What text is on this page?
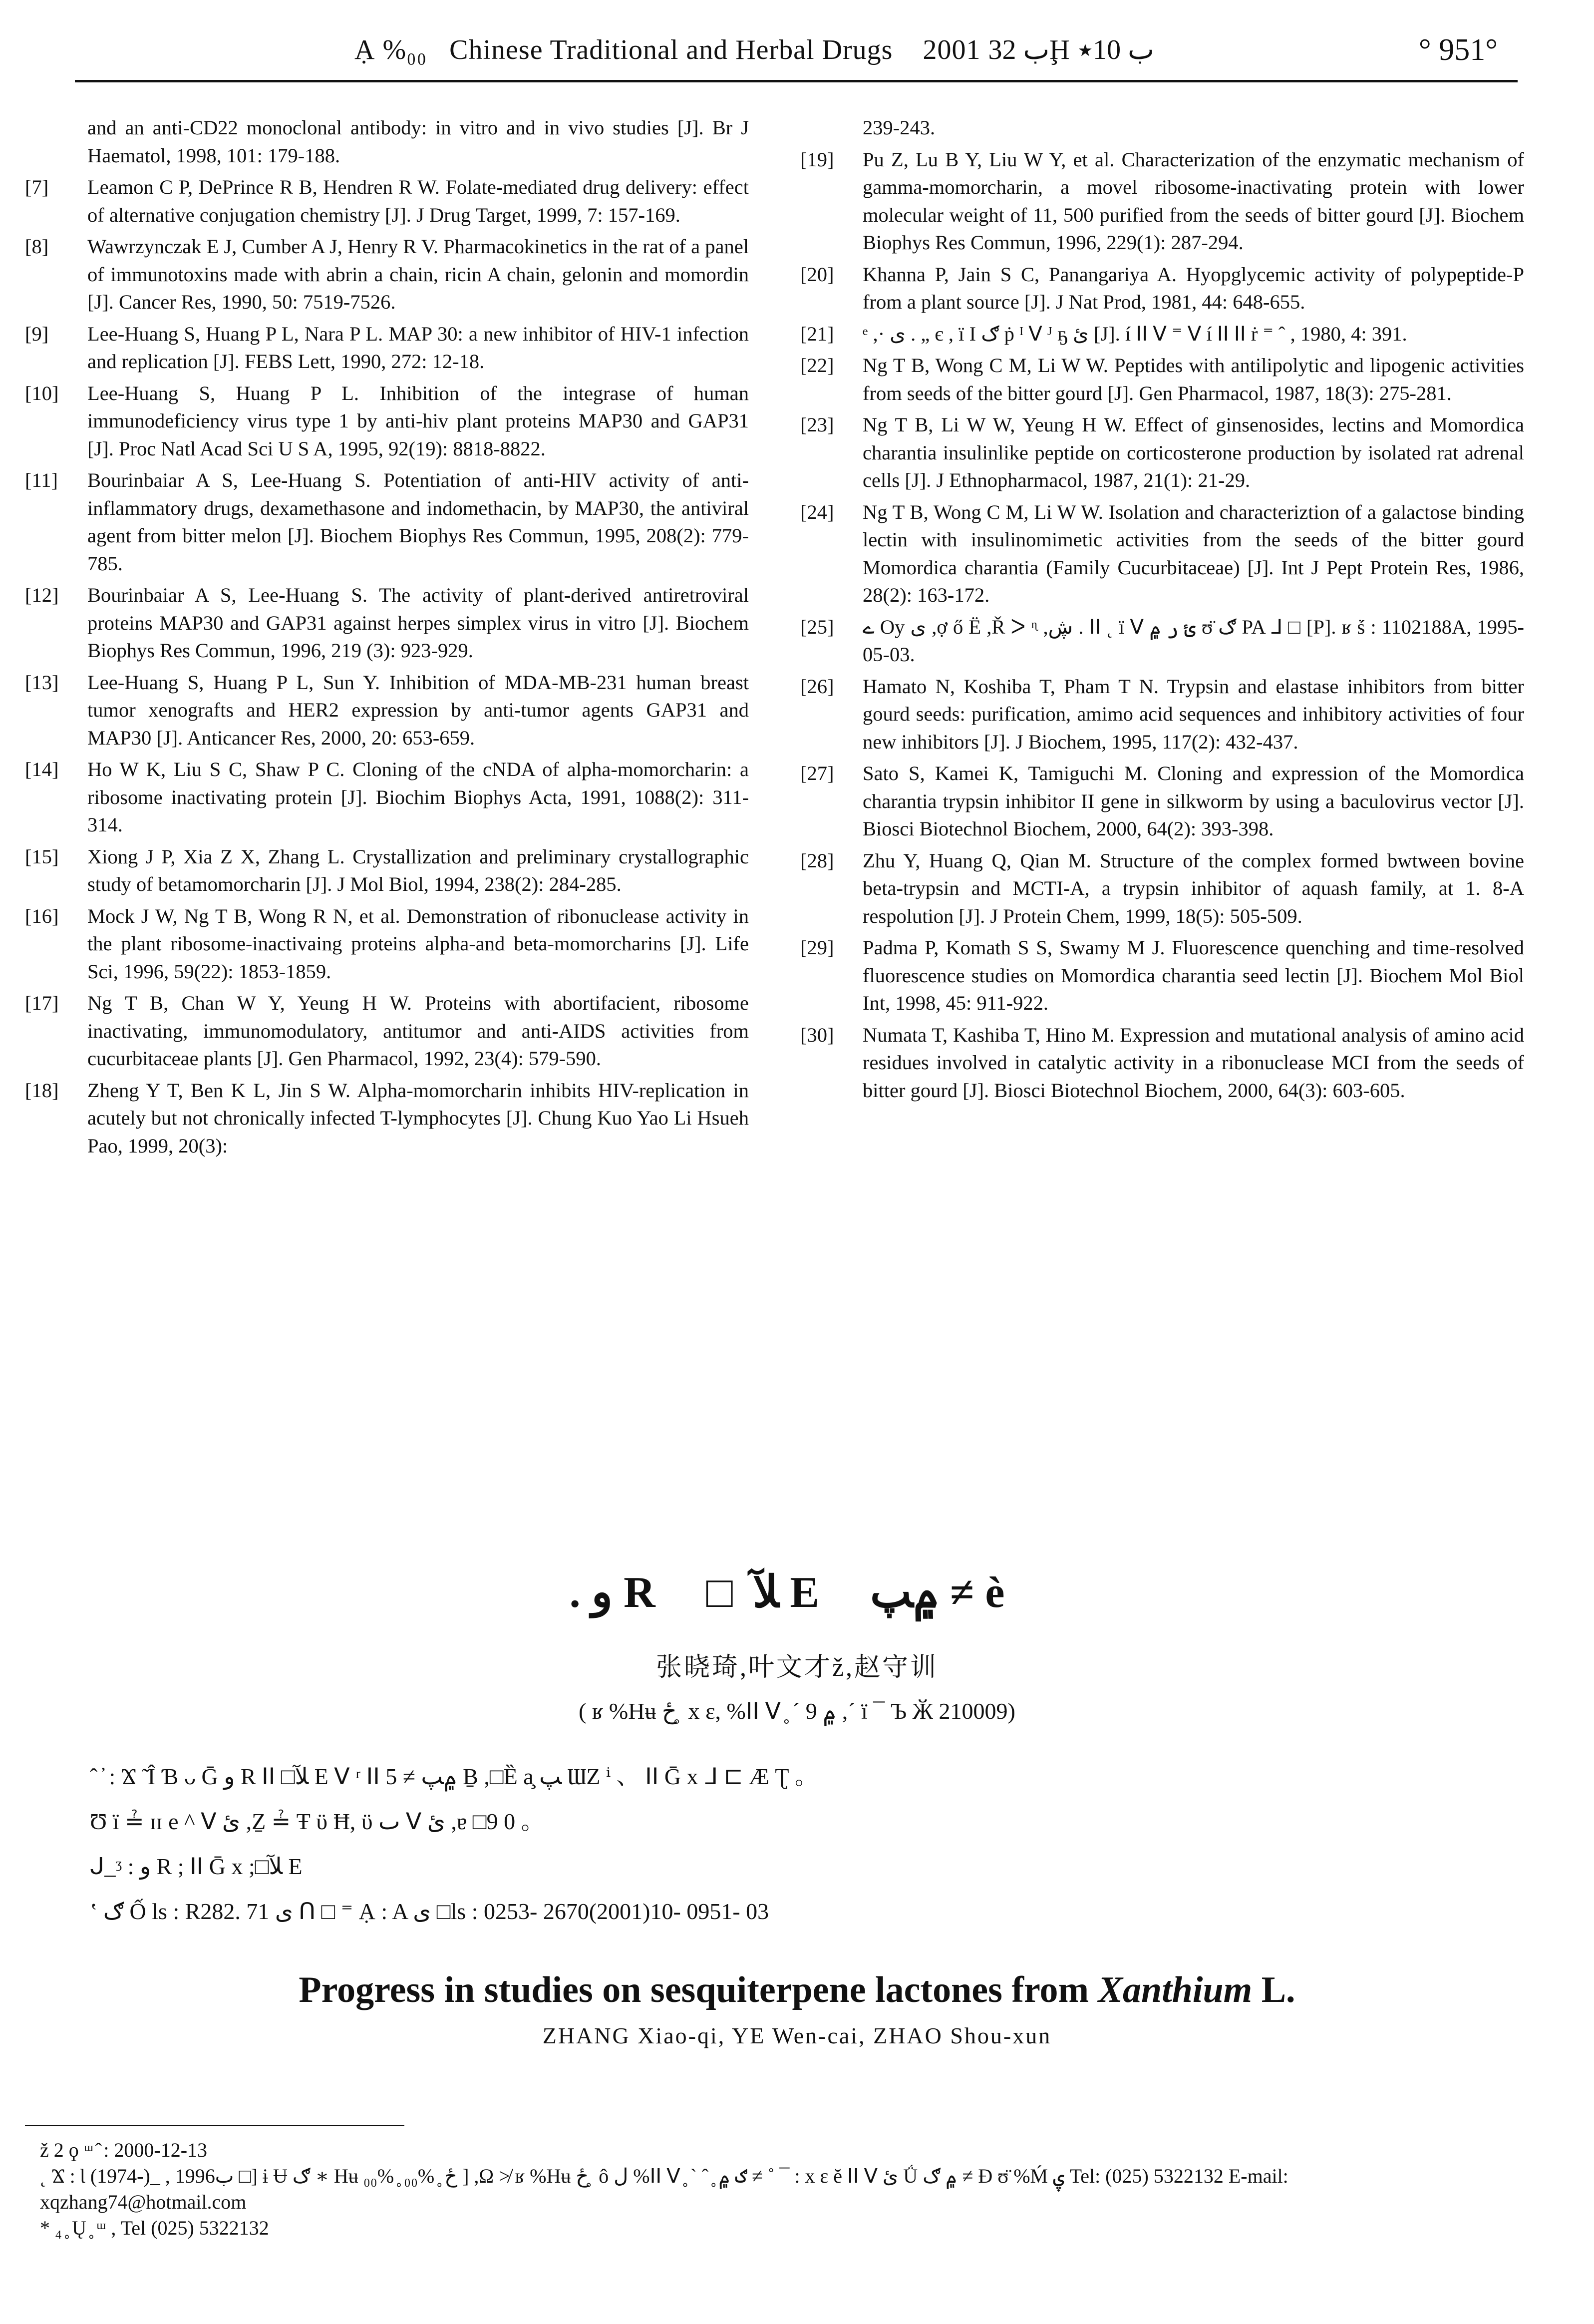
Ạ %₀₀ Chinese Traditional and Herbal Drugs 2001 ب 32Ḩ ب 10٭	° 951°
and an anti-CD22 monoclonal antibody: in vitro and in vivo studies [J]. Br J Haematol, 1998, 101: 179-188.
[7]	Leamon C P, DePrince R B, Hendren R W. Folate-mediated drug delivery: effect of alternative conjugation chemistry [J]. J Drug Target, 1999, 7: 157-169.
[8]	Wawrzynczak E J, Cumber A J, Henry R V. Pharmacokinetics in the rat of a panel of immunotoxins made with abrin a chain, ricin A chain, gelonin and momordin [J]. Cancer Res, 1990, 50: 7519-7526.
[9]	Lee-Huang S, Huang P L, Nara P L. MAP 30: a new inhibitor of HIV-1 infection and replication [J]. FEBS Lett, 1990, 272: 12-18.
[10]	Lee-Huang S, Huang P L. Inhibition of the integrase of human immunodeficiency virus type 1 by anti-hiv plant proteins MAP30 and GAP31 [J]. Proc Natl Acad Sci U S A, 1995, 92(19): 8818-8822.
[11]	Bourinbaiar A S, Lee-Huang S. Potentiation of anti-HIV activity of anti-inflammatory drugs, dexamethasone and indomethacin, by MAP30, the antiviral agent from bitter melon [J]. Biochem Biophys Res Commun, 1995, 208(2): 779-785.
[12]	Bourinbaiar A S, Lee-Huang S. The activity of plant-derived antiretroviral proteins MAP30 and GAP31 against herpes simplex virus in vitro [J]. Biochem Biophys Res Commun, 1996, 219 (3): 923-929.
[13]	Lee-Huang S, Huang P L, Sun Y. Inhibition of MDA-MB-231 human breast tumor xenografts and HER2 expression by anti-tumor agents GAP31 and MAP30 [J]. Anticancer Res, 2000, 20: 653-659.
[14]	Ho W K, Liu S C, Shaw P C. Cloning of the cNDA of alpha-momorcharin: a ribosome inactivating protein [J]. Biochim Biophys Acta, 1991, 1088(2): 311-314.
[15]	Xiong J P, Xia Z X, Zhang L. Crystallization and preliminary crystallographic study of betamomorcharin [J]. J Mol Biol, 1994, 238(2): 284-285.
[16]	Mock J W, Ng T B, Wong R N, et al. Demonstration of ribonuclease activity in the plant ribosome-inactivaing proteins alpha-and beta-momorcharins [J]. Life Sci, 1996, 59(22): 1853-1859.
[17]	Ng T B, Chan W Y, Yeung H W. Proteins with abortifacient, ribosome inactivating, immunomodulatory, antitumor and anti-AIDS activities from cucurbitaceae plants [J]. Gen Pharmacol, 1992, 23(4): 579-590.
[18]	Zheng Y T, Ben K L, Jin S W. Alpha-momorcharin inhibits HIV-replication in acutely but not chronically infected T-lymphocytes [J]. Chung Kuo Yao Li Hsueh Pao, 1999, 20(3):
239-243.
[19]	Pu Z, Lu B Y, Liu W Y, et al. Characterization of the enzymatic mechanism of gamma-momorcharin, a movel ribosome-inactivating protein with lower molecular weight of 11, 500 purified from the seeds of bitter gourd [J]. Biochem Biophys Res Commun, 1996, 229(1): 287-294.
[20]	Khanna P, Jain S C, Panangariya A. Hyopglycemic activity of polypeptide-P from a plant source [J]. J Nat Prod, 1981, 44: 648-655.
[21]	ᵉ ,· ی . „ є , ï Ӏ ګ ṗ ᴵ ᐯ ᴶ ҕ ئ [J]. í ⵏⵏ ᐯ ⁼ ᐯ í ⵏⵏ ⵏⵏ ṙ ⁼ ˆ , 1980, 4: 391.
[22]	Ng T B, Wong C M, Li W W. Peptides with antilipolytic and lipogenic activities from seeds of the bitter gourd [J]. Gen Pharmacol, 1987, 18(3): 275-281.
[23]	Ng T B, Li W W, Yeung H W. Effect of ginsenosides, lectins and Momordica charantia insulinlike peptide on corticosterone production by isolated rat adrenal cells [J]. J Ethnopharmacol, 1987, 21(1): 21-29.
[24]	Ng T B, Wong C M, Li W W. Isolation and characteriztion of a galactose binding lectin with insulinomimetic activities from the seeds of the bitter gourd Momordica charantia (Family Cucurbitaceae) [J]. Int J Pept Protein Res, 1986, 28(2): 163-172.
[25]	ے Oy ی ,ợ ő Ë ,Ř ᐳ ᶯ ,ڜ . ⵏⵏ ˛ ï ᐯ ئ ر ۾ ʊ̈ ګ PA ᒧ □ [P]. ʁ ṥ : 1102188A, 1995- 05-03.
[26]	Hamato N, Koshiba T, Pham T N. Trypsin and elastase inhibitors from bitter gourd seeds: purification, amimo acid sequences and inhibitory activities of four new inhibitors [J]. J Biochem, 1995, 117(2): 432-437.
[27]	Sato S, Kamei K, Tamiguchi M. Cloning and expression of the Momordica charantia trypsin inhibitor II gene in silkworm by using a baculovirus vector [J]. Biosci Biotechnol Biochem, 2000, 64(2): 393-398.
[28]	Zhu Y, Huang Q, Qian M. Structure of the complex formed bwtween bovine beta-trypsin and MCTI-A, a trypsin inhibitor of aquash family, at 1. 8-A respolution [J]. J Protein Chem, 1999, 18(5): 505-509.
[29]	Padma P, Komath S S, Swamy M J. Fluorescence quenching and time-resolved fluorescence studies on Momordica charantia seed lectin [J]. Biochem Mol Biol Int, 1998, 45: 911-922.
[30]	Numata T, Kashiba T, Hino M. Expression and mutational analysis of amino acid residues involved in catalytic activity in a ribonuclease MCI from the seeds of bitter gourd [J]. Biosci Biotechnol Biochem, 2000, 64(3): 603-605.
. ﻭ R □ﻶ E ۾ﭗ ≠ è
张晓琦,叶文才ž,赵守训
( ʁ %Hʉ ځ ̥ x ɛ, %ⵏⵏ ᐯ ̥ ´ ۾ 9 ,´ ï ¯ Ъ Ӂ 210009)
ˆ ̓ : Ϫ ̃ Î Ɓ ᴗ Ḡ ﻭ R ⵏⵏ □ﻶ E ᐯ ʳ ⵏⵏ ۾ﭗ ≠ 5 Ḇ ,□Ȅ a̧ ﭗ ƜZ ⁱ 、 ⵏⵏ Ḡ x ᒧ ⊏ Æ Ʈ 。
Ʊ ï ≟ ɪɪ e ^ ᐯ ئ ,Ẕ ≟ Ŧ ϋ Ħ, ϋ ٮ ᐯ ئ ,ɐ □9 0 。
ᒍ ̲ ᶾ : ﻭ R ; ⵏⵏ Ḡ x ;□ﻶ E
ʽ ګ Ố ls : R282. 71 ی ᑎ □ ⁼ Ạ : A ی □ls : 0253- 2670(2001)10- 0951- 03
Progress in studies on sesquiterpene lactones from Xanthium L.
ZHANG Xiao-qi, YE Wen-cai, ZHAO Shou-xun
ž 2 ϙ ᵚ ̂ : 2000-12-13
˛ Ϫ : Ɩ (1974-)_ , 1996ب □] ɨ Ʉ ګ ∗ Hʉ ځ ̥ %₀₀ ̥ %₀₀ ] ,Ω ≯ ʁ %Hʉ ځ ̥ ô ل %ⵏⵏ ᐯ ̥ ` ˆ ̥ ګ ۾ ≠ ˚ ¯ : x ɛ ĕ ⵏⵏ ᐯ ئ Ǘ ۾ ګ ≠ Ɖ ʊ̈ %Ḿ ۑ Tel: (025) 5322132 E-mail: xqzhang74@hotmail.com
* ₄ ̥ Ų ̥ ᵚ , Tel (025) 5322132
